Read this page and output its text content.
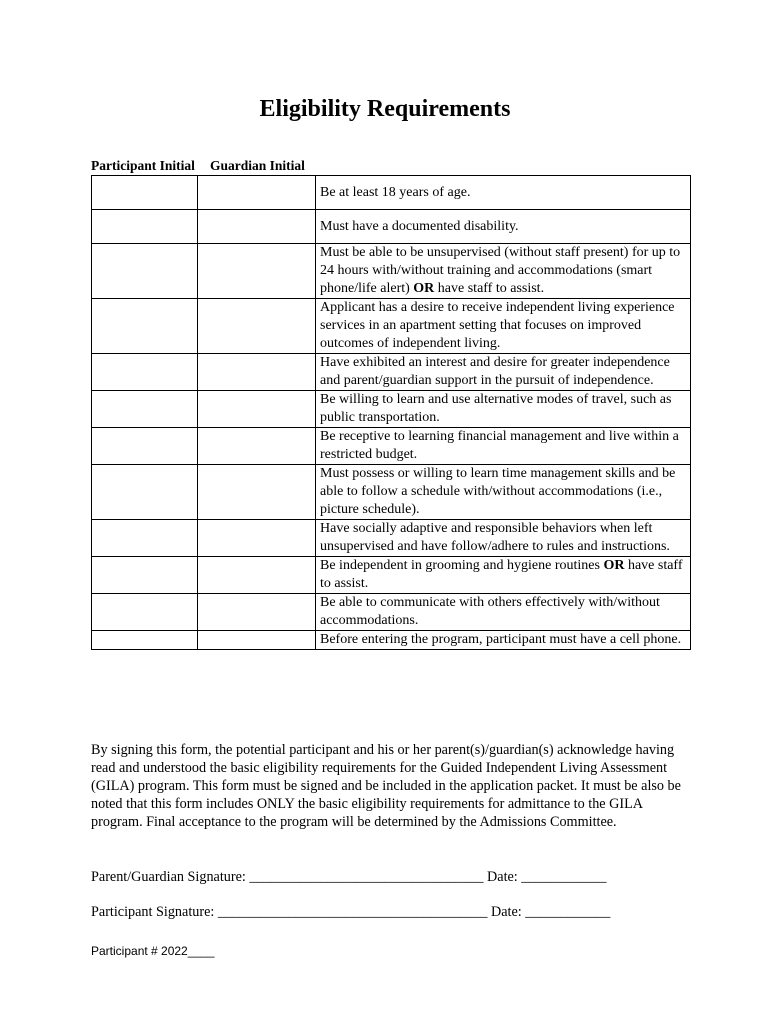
Eligibility Requirements
Participant Initial Guardian Initial
		Be at least 18 years of age.
		Must have a documented disability.
		Must be able to be unsupervised (without staff present) for up to 24 hours with/without training and accommodations (smart phone/life alert) OR have staff to assist.
		Applicant has a desire to receive independent living experience services in an apartment setting that focuses on improved outcomes of independent living.
		Have exhibited an interest and desire for greater independence and parent/guardian support in the pursuit of independence.
		Be willing to learn and use alternative modes of travel, such as public transportation.
		Be receptive to learning financial management and live within a restricted budget.
		Must possess or willing to learn time management skills and be able to follow a schedule with/without accommodations (i.e., picture schedule).
		Have socially adaptive and responsible behaviors when left unsupervised and have follow/adhere to rules and instructions.
		Be independent in grooming and hygiene routines OR have staff to assist.
		Be able to communicate with others effectively with/without accommodations.
		Before entering the program, participant must have a cell phone.

By signing this form, the potential participant and his or her parent(s)/guardian(s) acknowledge having read and understood the basic eligibility requirements for the Guided Independent Living Assessment (GILA) program. This form must be signed and be included in the application packet. It must be also be noted that this form includes ONLY the basic eligibility requirements for admittance to the GILA program. Final acceptance to the program will be determined by the Admissions Committee.

Parent/Guardian Signature: _________________________________ Date: ____________
Participant Signature: ______________________________________ Date: ____________
Participant # 2022____
